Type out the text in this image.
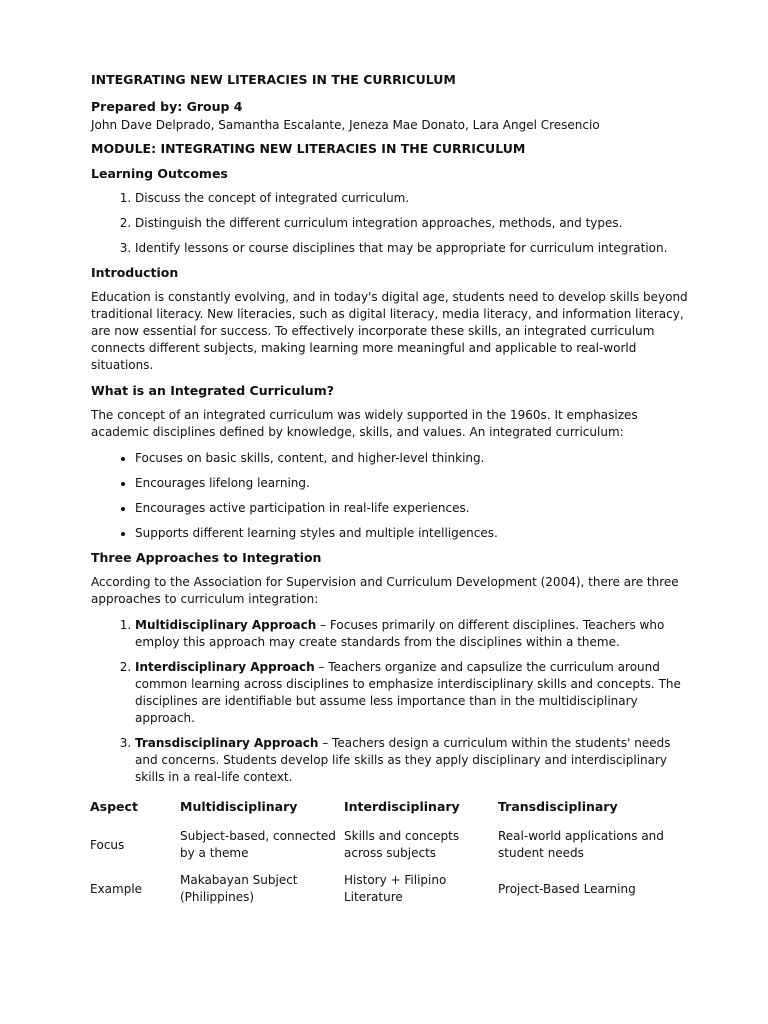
INTEGRATING NEW LITERACIES IN THE CURRICULUM
Prepared by: Group 4
John Dave Delprado, Samantha Escalante, Jeneza Mae Donato, Lara Angel Cresencio
MODULE: INTEGRATING NEW LITERACIES IN THE CURRICULUM
Learning Outcomes
1. Discuss the concept of integrated curriculum.
2. Distinguish the different curriculum integration approaches, methods, and types.
3. Identify lessons or course disciplines that may be appropriate for curriculum integration.
Introduction

Education is constantly evolving, and in today's digital age, students need to develop skills beyond traditional literacy. New literacies, such as digital literacy, media literacy, and information literacy, are now essential for success. To effectively incorporate these skills, an integrated curriculum connects different subjects, making learning more meaningful and applicable to real-world situations.

What is an Integrated Curriculum?

The concept of an integrated curriculum was widely supported in the 1960s. It emphasizes academic disciplines defined by knowledge, skills, and values. An integrated curriculum:

• Focuses on basic skills, content, and higher-level thinking.
• Encourages lifelong learning.
• Encourages active participation in real-life experiences.
• Supports different learning styles and multiple intelligences.
Three Approaches to Integration

According to the Association for Supervision and Curriculum Development (2004), there are three approaches to curriculum integration:

1. Multidisciplinary Approach – Focuses primarily on different disciplines. Teachers who employ this approach may create standards from the disciplines within a theme.
2. Interdisciplinary Approach – Teachers organize and capsulize the curriculum around common learning across disciplines to emphasize interdisciplinary skills and concepts. The disciplines are identifiable but assume less importance than in the multidisciplinary approach.
3. Transdisciplinary Approach – Teachers design a curriculum within the students' needs and concerns. Students develop life skills as they apply disciplinary and interdisciplinary skills in a real-life context.
Aspect	Multidisciplinary	Interdisciplinary	Transdisciplinary
Focus	Subject-based, connected by a theme	Skills and concepts across subjects	Real-world applications and student needs
Example	Makabayan Subject (Philippines)	History + Filipino Literature	Project-Based Learning
